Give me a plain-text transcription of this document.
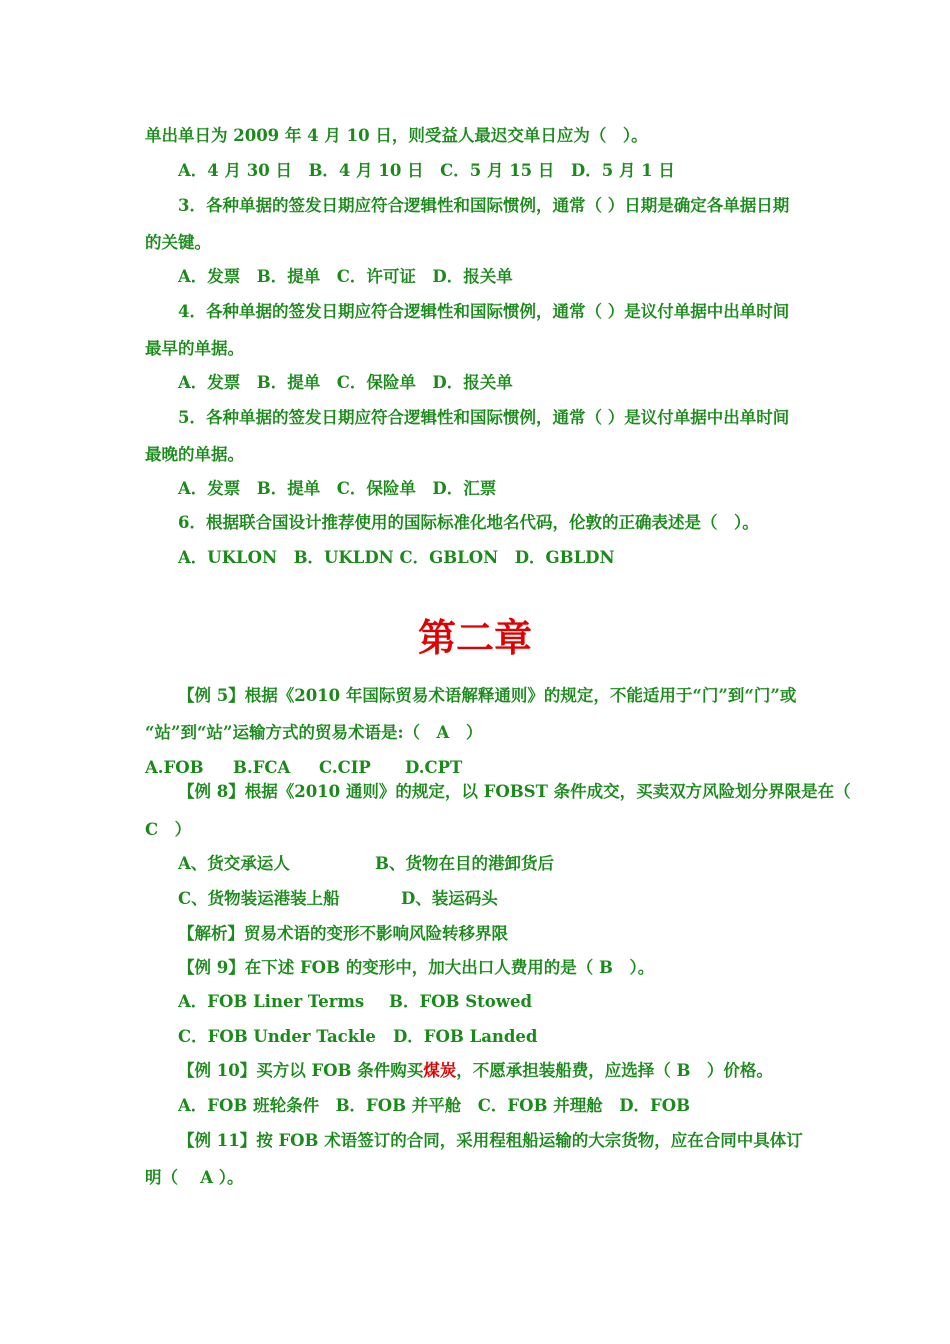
单出单日为 2009 年 4 月 10 日，则受益人最迟交单日应为（　）。

A．4 月 30 日　B．4 月 10 日　C．5 月 15 日　D．5 月 1 日

3．各种单据的签发日期应符合逻辑性和国际惯例，通常（ ）日期是确定各单据日期

的关键。

A．发票　B．提单　C．许可证　D．报关单

4．各种单据的签发日期应符合逻辑性和国际惯例，通常（ ）是议付单据中出单时间

最早的单据。

A．发票　B．提单　C．保险单　D．报关单

5．各种单据的签发日期应符合逻辑性和国际惯例，通常（ ）是议付单据中出单时间

最晚的单据。

A．发票　B．提单　C．保险单　D．汇票

6．根据联合国设计推荐使用的国际标准化地名代码，伦敦的正确表述是（　）。

A．UKLON　B．UKLDN C．GBLON　D．GBLDN

第二章

【例 5】根据《2010 年国际贸易术语解释通则》的规定，不能适用于“门”到“门”或

“站”到“站”运输方式的贸易术语是:（　A　）

A.FOB B.FCA C.CIP D.CPT

【例 8】根据《2010 通则》的规定，以 FOBST 条件成交，买卖双方风险划分界限是在（

C　）

A、货交承运人	B、货物在目的港卸货后

C、货物装运港装上船	D、装运码头

【解析】贸易术语的变形不影响风险转移界限

【例 9】在下述 FOB 的变形中，加大出口人费用的是（ B　）。

A．FOB Liner Terms B．FOB Stowed

C．FOB Under Tackle D．FOB Landed

【例 10】买方以 FOB 条件购买煤炭，不愿承担装船费，应选择（ B　）价格。

A．FOB 班轮条件　B．FOB 并平舱　C．FOB 并理舱　D．FOB

【例 11】按 FOB 术语签订的合同，采用程租船运输的大宗货物，应在合同中具体订

明（　 A ）。
